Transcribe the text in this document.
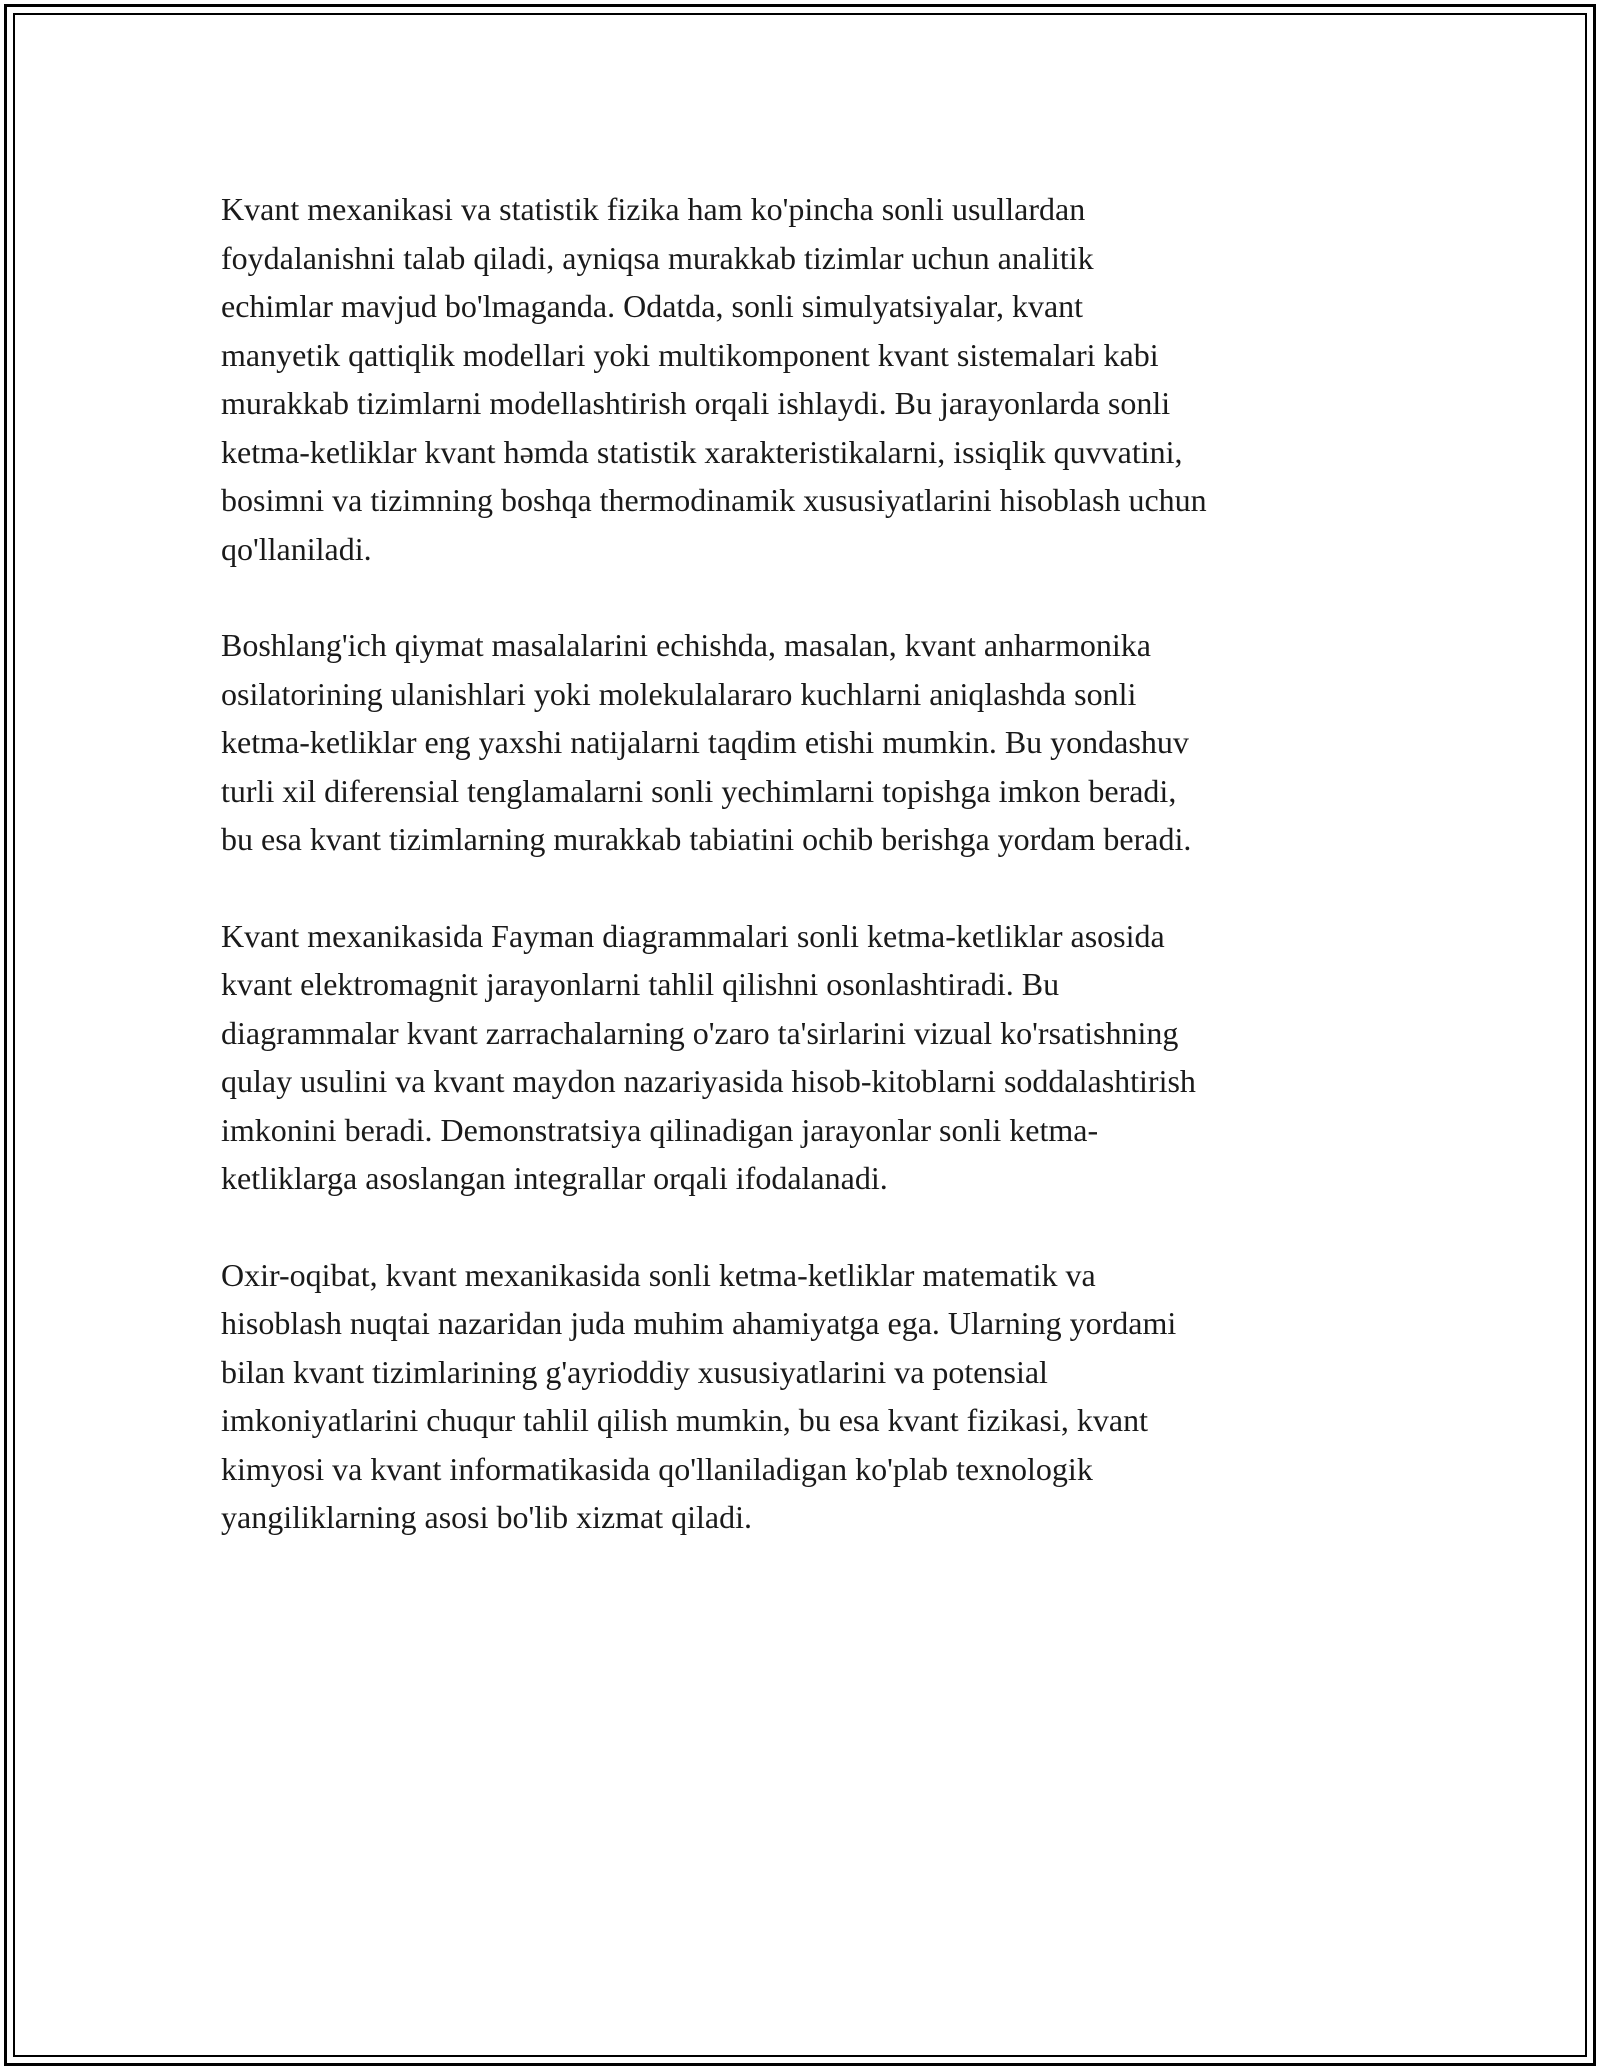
Kvant mexanikasi va statistik fizika ham ko'pincha sonli usullardan
foydalanishni talab qiladi, ayniqsa murakkab tizimlar uchun analitik
echimlar mavjud bo'lmaganda. Odatda, sonli simulyatsiyalar, kvant
manyetik qattiqlik modellari yoki multikomponent kvant sistemalari kabi
murakkab tizimlarni modellashtirish orqali ishlaydi. Bu jarayonlarda sonli
ketma-ketliklar kvant həmda statistik xarakteristikalarni, issiqlik quvvatini,
bosimni va tizimning boshqa thermodinamik xususiyatlarini hisoblash uchun
qo'llaniladi.

Boshlang'ich qiymat masalalarini echishda, masalan, kvant anharmonika
osilatorining ulanishlari yoki molekulalararo kuchlarni aniqlashda sonli
ketma-ketliklar eng yaxshi natijalarni taqdim etishi mumkin. Bu yondashuv
turli xil diferensial tenglamalarni sonli yechimlarni topishga imkon beradi,
bu esa kvant tizimlarning murakkab tabiatini ochib berishga yordam beradi.

Kvant mexanikasida Fayman diagrammalari sonli ketma-ketliklar asosida
kvant elektromagnit jarayonlarni tahlil qilishni osonlashtiradi. Bu
diagrammalar kvant zarrachalarning o'zaro ta'sirlarini vizual ko'rsatishning
qulay usulini va kvant maydon nazariyasida hisob-kitoblarni soddalashtirish
imkonini beradi. Demonstratsiya qilinadigan jarayonlar sonli ketma-
ketliklarga asoslangan integrallar orqali ifodalanadi.

Oxir-oqibat, kvant mexanikasida sonli ketma-ketliklar matematik va
hisoblash nuqtai nazaridan juda muhim ahamiyatga ega. Ularning yordami
bilan kvant tizimlarining g'ayrioddiy xususiyatlarini va potensial
imkoniyatlarini chuqur tahlil qilish mumkin, bu esa kvant fizikasi, kvant
kimyosi va kvant informatikasida qo'llaniladigan ko'plab texnologik
yangiliklarning asosi bo'lib xizmat qiladi.
